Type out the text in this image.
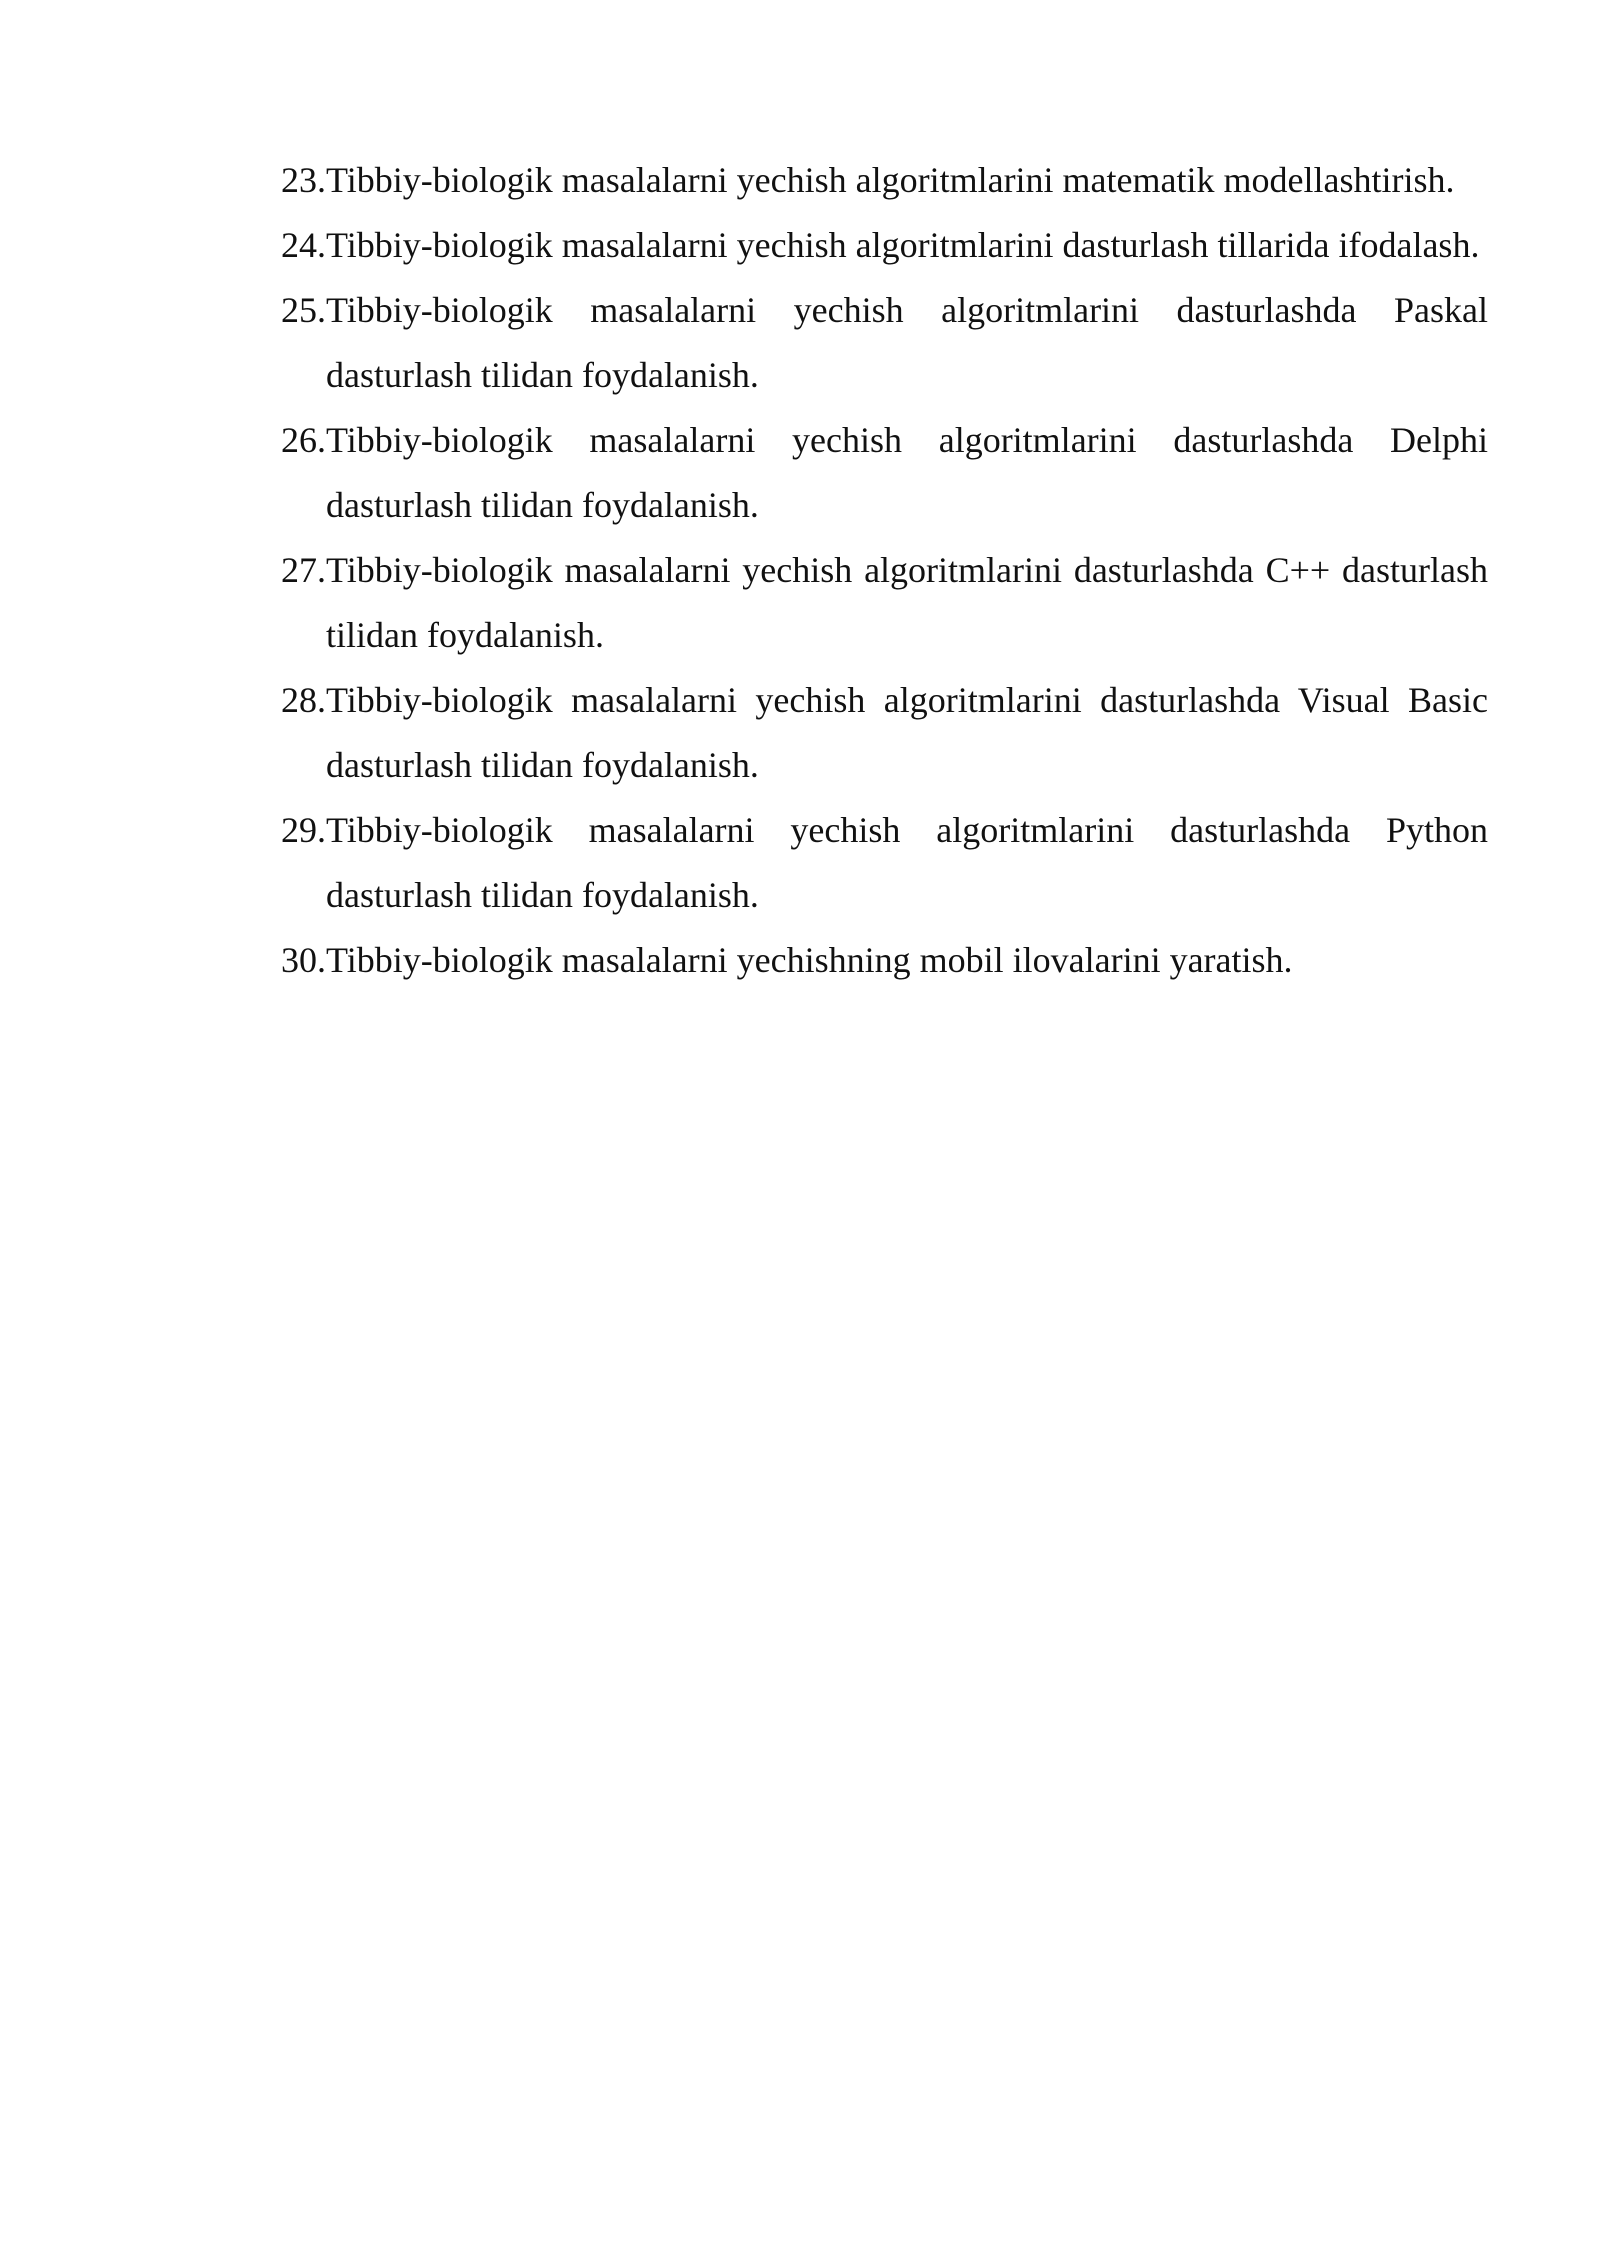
23. Tibbiy-biologik masalalarni yechish algoritmlarini matematik modellashtirish.
24. Tibbiy-biologik masalalarni yechish algoritmlarini dasturlash tillarida ifodalash.
25. Tibbiy-biologik masalalarni yechish algoritmlarini dasturlashda Paskal dasturlash tilidan foydalanish.
26. Tibbiy-biologik masalalarni yechish algoritmlarini dasturlashda Delphi dasturlash tilidan foydalanish.
27. Tibbiy-biologik masalalarni yechish algoritmlarini dasturlashda C++ dasturlash tilidan foydalanish.
28. Tibbiy-biologik masalalarni yechish algoritmlarini dasturlashda Visual Basic dasturlash tilidan foydalanish.
29. Tibbiy-biologik masalalarni yechish algoritmlarini dasturlashda Python dasturlash tilidan foydalanish.
30. Tibbiy-biologik masalalarni yechishning mobil ilovalarini yaratish.
